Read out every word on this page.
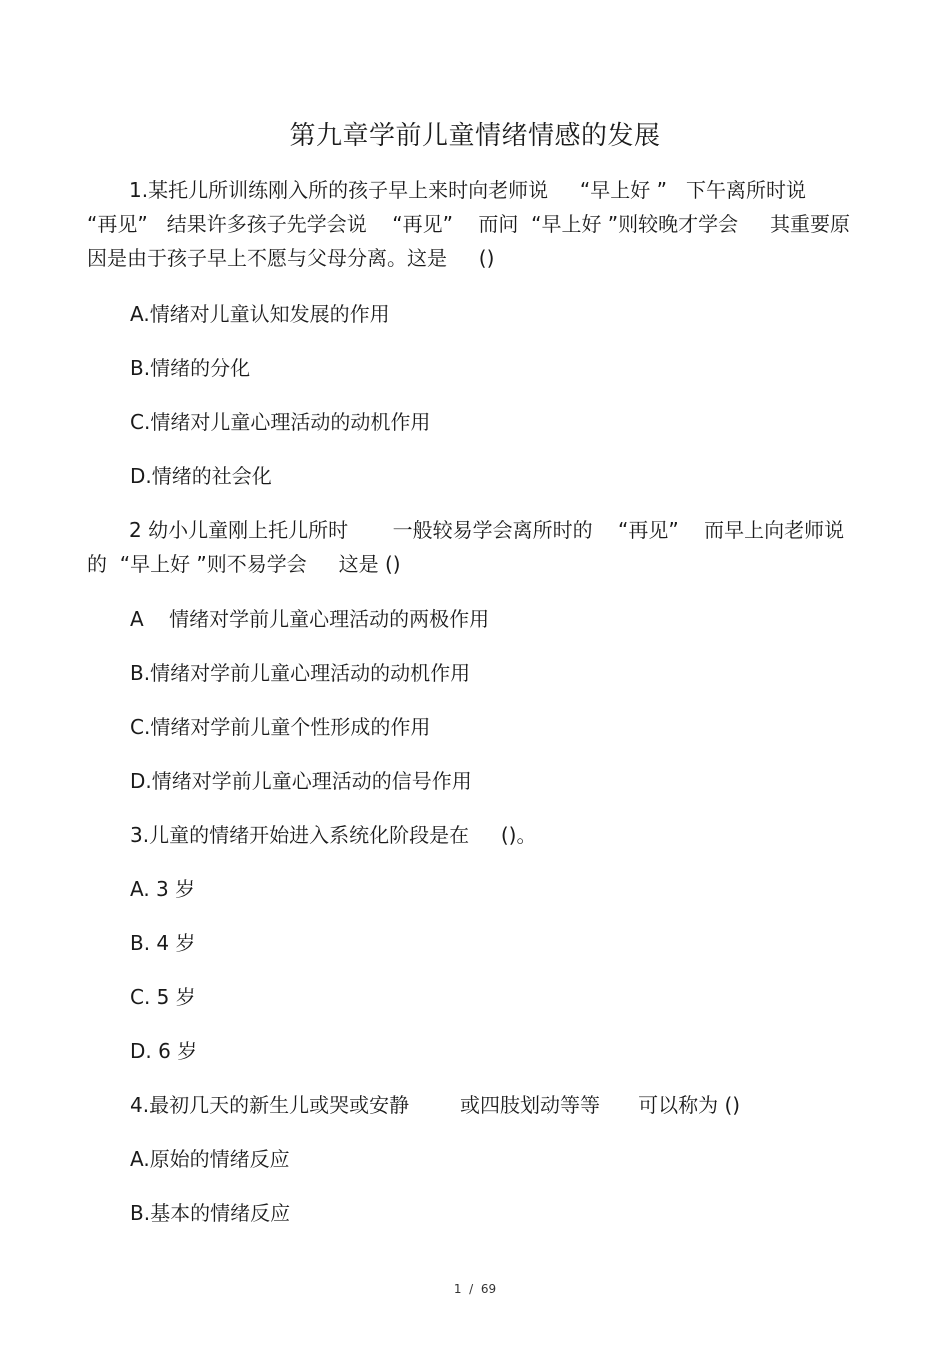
第九章学前儿童情绪情感的发展
1.某托儿所训练刚入所的孩子早上来时向老师说     “早上好 ”   下午离所时说    “再见”   结果许多孩子先学会说    “再见”    而问  “早上好 ”则较晚才学会     其重要原因是由于孩子早上不愿与父母分离。这是     ()
A.情绪对儿童认知发展的作用
B.情绪的分化
C.情绪对儿童心理活动的动机作用
D.情绪的社会化
2 幼小儿童刚上托儿所时       一般较易学会离所时的    “再见”    而早上向老师说的  “早上好 ”则不易学会     这是 ()
A    情绪对学前儿童心理活动的两极作用
B.情绪对学前儿童心理活动的动机作用
C.情绪对学前儿童个性形成的作用
D.情绪对学前儿童心理活动的信号作用
3.儿童的情绪开始进入系统化阶段是在     ()。
A. 3 岁
B. 4 岁
C. 5 岁
D. 6 岁
4.最初几天的新生儿或哭或安静        或四肢划动等等      可以称为 ()
A.原始的情绪反应
B.基本的情绪反应
1  /  69
